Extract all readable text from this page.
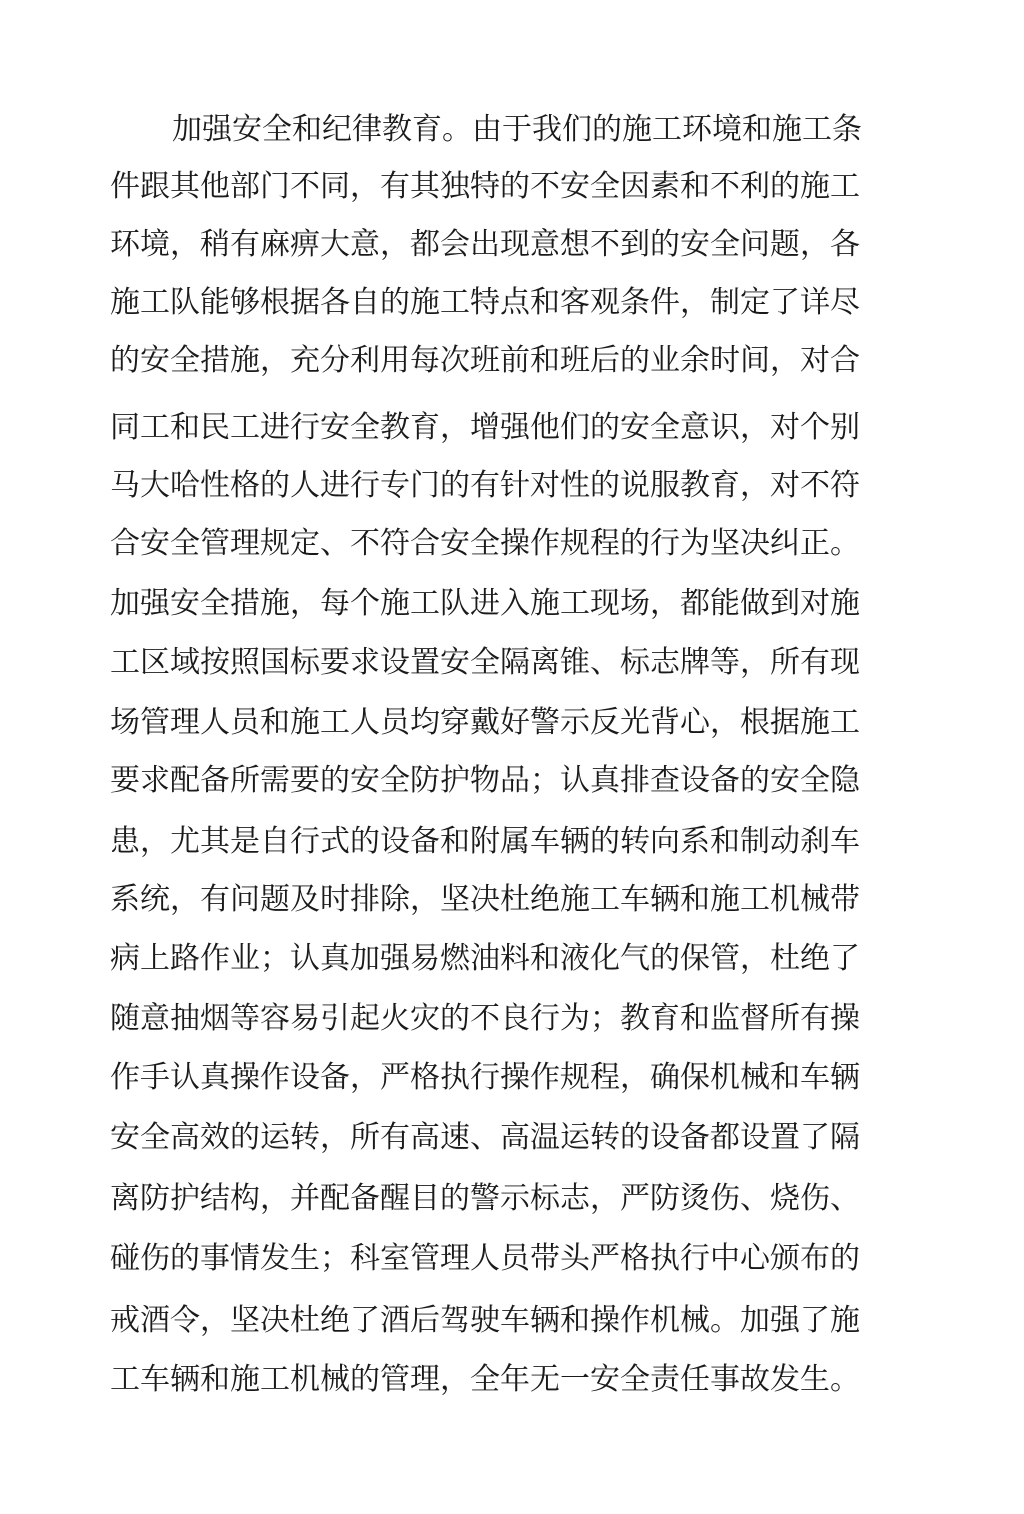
加强安全和纪律教育。由于我们的施工环境和施工条
件跟其他部门不同，有其独特的不安全因素和不利的施工
环境，稍有麻痹大意，都会出现意想不到的安全问题，各
施工队能够根据各自的施工特点和客观条件，制定了详尽
的安全措施，充分利用每次班前和班后的业余时间，对合
同工和民工进行安全教育，增强他们的安全意识，对个别
马大哈性格的人进行专门的有针对性的说服教育，对不符
合安全管理规定、不符合安全操作规程的行为坚决纠正。
加强安全措施，每个施工队进入施工现场，都能做到对施
工区域按照国标要求设置安全隔离锥、标志牌等，所有现
场管理人员和施工人员均穿戴好警示反光背心，根据施工
要求配备所需要的安全防护物品；认真排查设备的安全隐
患，尤其是自行式的设备和附属车辆的转向系和制动刹车
系统，有问题及时排除，坚决杜绝施工车辆和施工机械带
病上路作业；认真加强易燃油料和液化气的保管，杜绝了
随意抽烟等容易引起火灾的不良行为；教育和监督所有操
作手认真操作设备，严格执行操作规程，确保机械和车辆
安全高效的运转，所有高速、高温运转的设备都设置了隔
离防护结构，并配备醒目的警示标志，严防烫伤、烧伤、
碰伤的事情发生；科室管理人员带头严格执行中心颁布的
戒酒令，坚决杜绝了酒后驾驶车辆和操作机械。加强了施
工车辆和施工机械的管理，全年无一安全责任事故发生。
